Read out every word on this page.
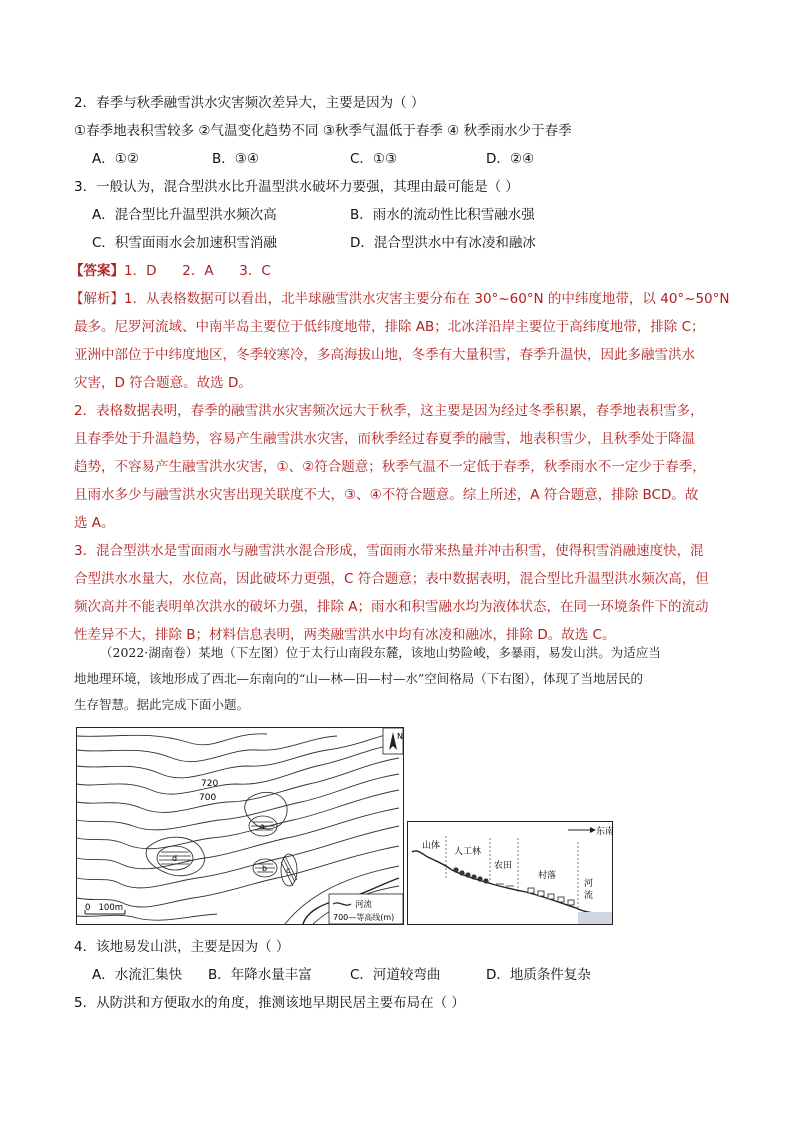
2．春季与秋季融雪洪水灾害频次差异大，主要是因为（ ）
①春季地表积雪较多 ②气温变化趋势不同 ③秋季气温低于春季 ④ 秋季雨水少于春季
A．①②	B．③④	C．①③	D．②④
3．一般认为，混合型洪水比升温型洪水破坏力要强，其理由最可能是（ ）
A．混合型比升温型洪水频次高	B．雨水的流动性比积雪融水强
C．积雪面雨水会加速积雪消融	D．混合型洪水中有冰凌和融冰
【答案】1．D      2．A      3．C
【解析】1．从表格数据可以看出，北半球融雪洪水灾害主要分布在 30°~60°N 的中纬度地带，以 40°~50°N
最多。尼罗河流域、中南半岛主要位于低纬度地带，排除 AB；北冰洋沿岸主要位于高纬度地带，排除 C；
亚洲中部位于中纬度地区，冬季较寒冷，多高海拔山地，冬季有大量积雪，春季升温快，因此多融雪洪水
灾害，D 符合题意。故选 D。
2．表格数据表明，春季的融雪洪水灾害频次远大于秋季，这主要是因为经过冬季积累，春季地表积雪多，
且春季处于升温趋势，容易产生融雪洪水灾害，而秋季经过春夏季的融雪，地表积雪少，且秋季处于降温
趋势，不容易产生融雪洪水灾害，①、②符合题意；秋季气温不一定低于春季，秋季雨水不一定少于春季，
且雨水多少与融雪洪水灾害出现关联度不大，③、④不符合题意。综上所述，A 符合题意，排除 BCD。故
选 A。
3．混合型洪水是雪面雨水与融雪洪水混合形成，雪面雨水带来热量并冲击积雪，使得积雪消融速度快，混
合型洪水水量大，水位高，因此破坏力更强，C 符合题意；表中数据表明，混合型比升温型洪水频次高，但
频次高并不能表明单次洪水的破坏力强，排除 A；雨水和积雪融水均为液体状态，在同一环境条件下的流动
性差异不大，排除 B；材料信息表明，两类融雪洪水中均有冰凌和融冰，排除 D。故选 C。
（2022·湖南卷）某地（下左图）位于太行山南段东麓，该地山势险峻，多暴雨，易发山洪。为适应当
地地理环境，该地形成了西北—东南向的“山—林—田—村—水”空间格局（下右图），体现了当地居民的
生存智慧。据此完成下面小题。
720
700
a
b c
d
N
0   100m	河流
700—等高线(m)
东南
山体
人工林
农田
村落
河
流
4．该地易发山洪，主要是因为（ ）
A．水流汇集快 B．年降水量丰富	C．河道较弯曲	D．地质条件复杂
5．从防洪和方便取水的角度，推测该地早期民居主要布局在（ ）
